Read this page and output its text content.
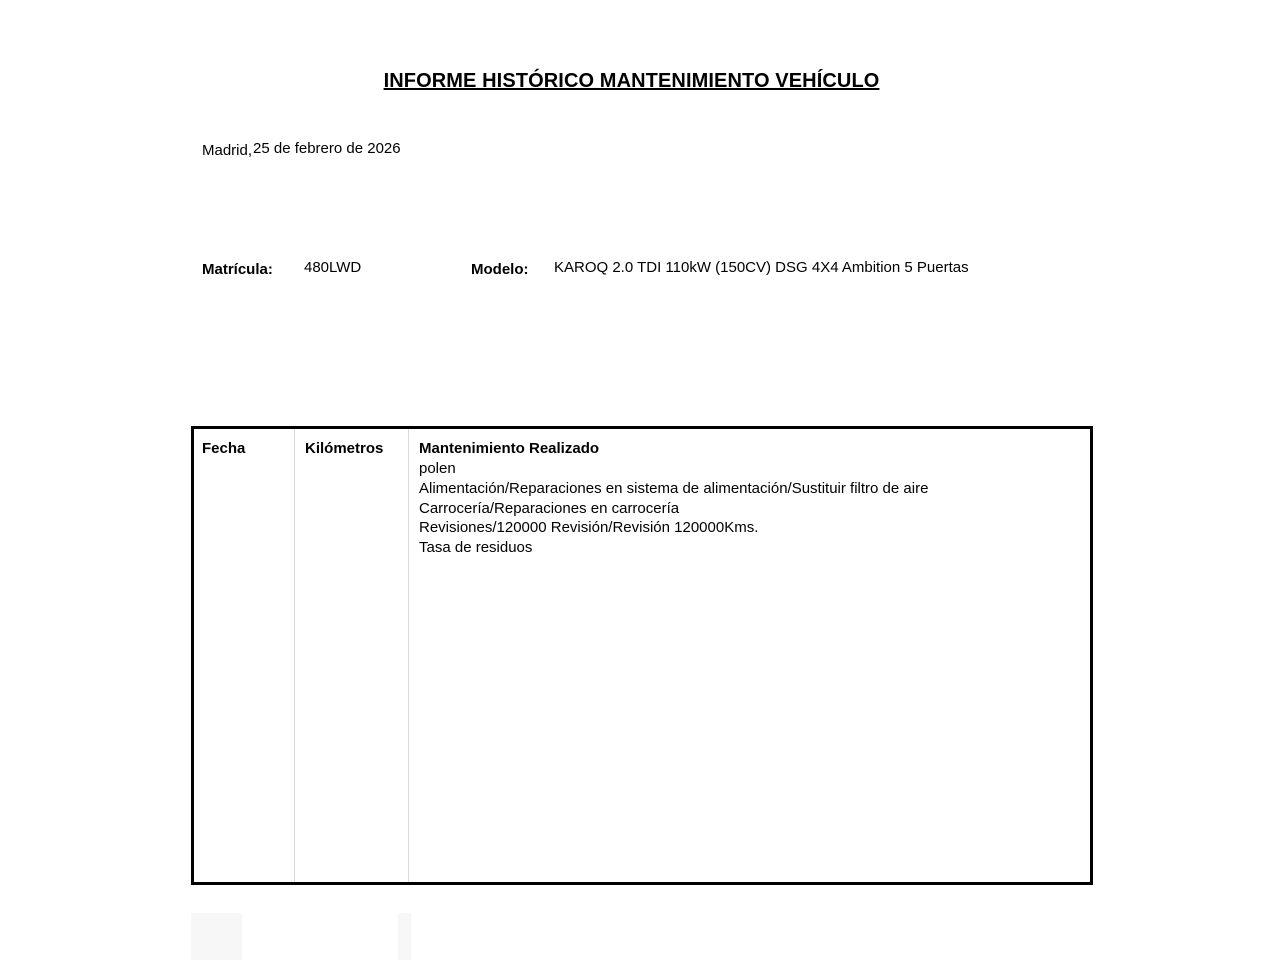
INFORME HISTÓRICO MANTENIMIENTO VEHÍCULO
Madrid, 25 de febrero de 2026
Matrícula: 480LWD	Modelo: KAROQ 2.0 TDI 110kW (150CV) DSG 4X4 Ambition 5 Puertas
Fecha	Kilómetros Mantenimiento Realizado
polen
Alimentación/Reparaciones en sistema de alimentación/Sustituir filtro de aire
Carrocería/Reparaciones en carrocería
Revisiones/120000 Revisión/Revisión 120000Kms.
Tasa de residuos
